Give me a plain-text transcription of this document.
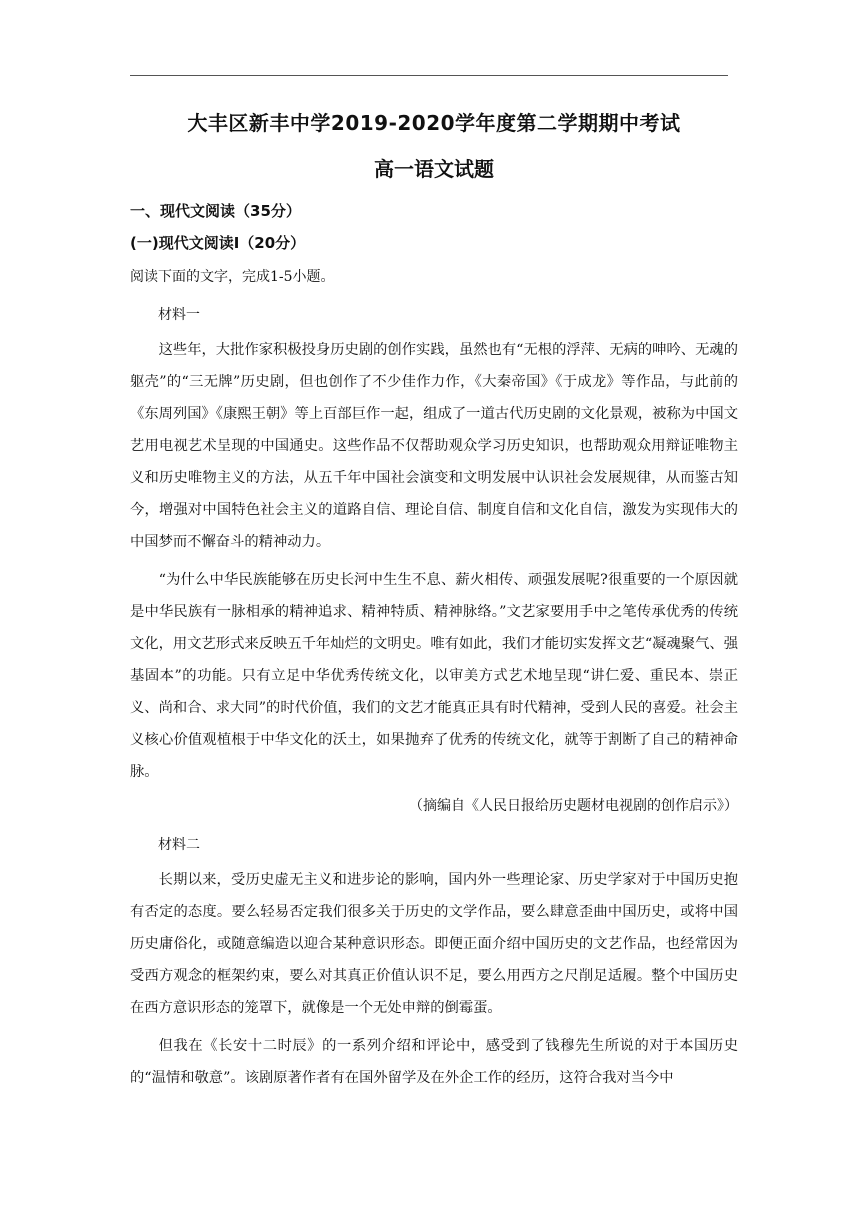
大丰区新丰中学2019-2020学年度第二学期期中考试
高一语文试题
一、现代文阅读（35分）
(一)现代文阅读Ⅰ（20分）
阅读下面的文字，完成1-5小题。
材料一

这些年，大批作家积极投身历史剧的创作实践，虽然也有“无根的浮萍、无病的呻吟、无魂的躯壳”的“三无牌”历史剧，但也创作了不少佳作力作，《大秦帝国》《于成龙》等作品，与此前的《东周列国》《康熙王朝》等上百部巨作一起，组成了一道古代历史剧的文化景观，被称为中国文艺用电视艺术呈现的中国通史。这些作品不仅帮助观众学习历史知识，也帮助观众用辩证唯物主义和历史唯物主义的方法，从五千年中国社会演变和文明发展中认识社会发展规律，从而鉴古知今，增强对中国特色社会主义的道路自信、理论自信、制度自信和文化自信，激发为实现伟大的中国梦而不懈奋斗的精神动力。

“为什么中华民族能够在历史长河中生生不息、薪火相传、顽强发展呢?很重要的一个原因就是中华民族有一脉相承的精神追求、精神特质、精神脉络。”文艺家要用手中之笔传承优秀的传统文化，用文艺形式来反映五千年灿烂的文明史。唯有如此，我们才能切实发挥文艺“凝魂聚气、强基固本”的功能。只有立足中华优秀传统文化，以审美方式艺术地呈现“讲仁爱、重民本、崇正义、尚和合、求大同”的时代价值，我们的文艺才能真正具有时代精神，受到人民的喜爱。社会主义核心价值观植根于中华文化的沃土，如果抛弃了优秀的传统文化，就等于割断了自己的精神命脉。

（摘编自《人民日报给历史题材电视剧的创作启示》）
材料二

长期以来，受历史虚无主义和进步论的影响，国内外一些理论家、历史学家对于中国历史抱有否定的态度。要么轻易否定我们很多关于历史的文学作品，要么肆意歪曲中国历史，或将中国历史庸俗化，或随意编造以迎合某种意识形态。即便正面介绍中国历史的文艺作品，也经常因为受西方观念的框架约束，要么对其真正价值认识不足，要么用西方之尺削足适履。整个中国历史在西方意识形态的笼罩下，就像是一个无处申辩的倒霉蛋。

但我在《长安十二时辰》的一系列介绍和评论中，感受到了钱穆先生所说的对于本国历史的“温情和敬意”。该剧原著作者有在国外留学及在外企工作的经历，这符合我对当今中
